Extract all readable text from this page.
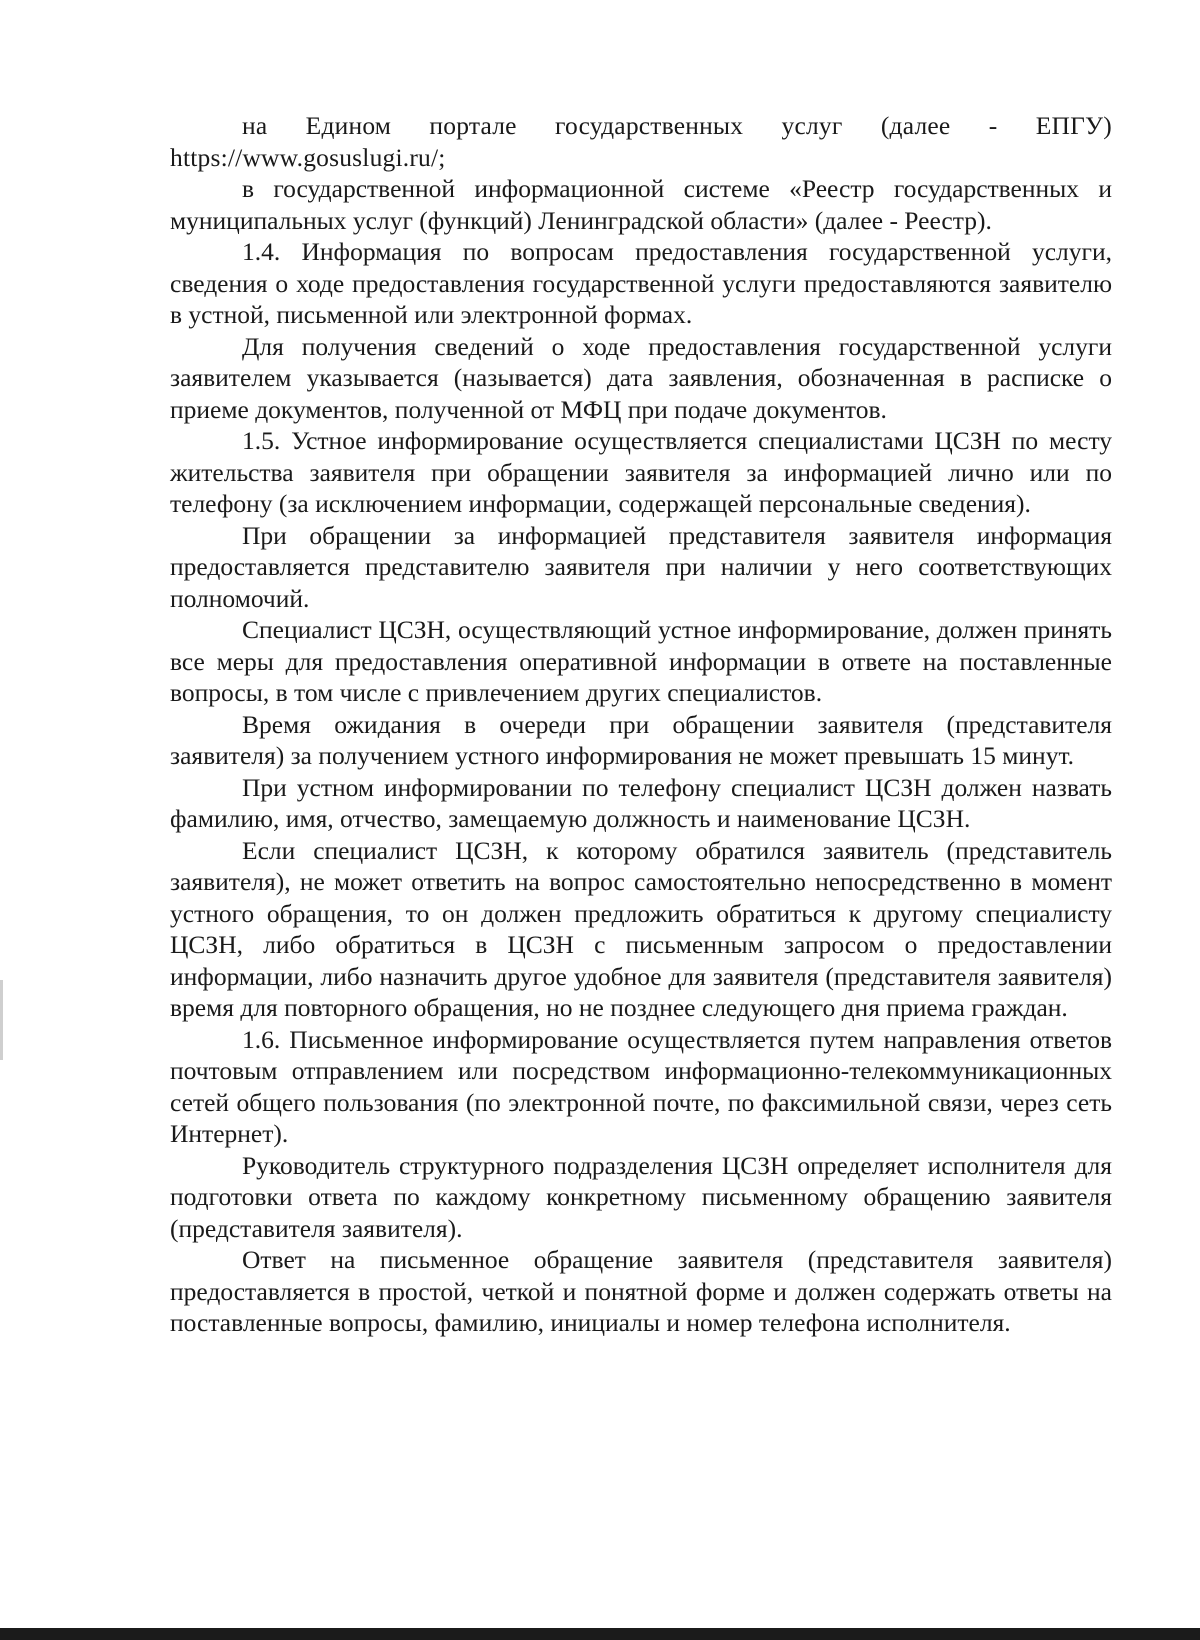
на Едином портале государственных услуг (далее - ЕПГУ) https://www.gosuslugi.ru/;

в государственной информационной системе «Реестр государственных и муниципальных услуг (функций) Ленинградской области» (далее - Реестр).

1.4. Информация по вопросам предоставления государственной услуги, сведения о ходе предоставления государственной услуги предоставляются заявителю в устной, письменной или электронной формах.

Для получения сведений о ходе предоставления государственной услуги заявителем указывается (называется) дата заявления, обозначенная в расписке о приеме документов, полученной от МФЦ при подаче документов.

1.5. Устное информирование осуществляется специалистами ЦСЗН по месту жительства заявителя при обращении заявителя за информацией лично или по телефону (за исключением информации, содержащей персональные сведения).

При обращении за информацией представителя заявителя информация предоставляется представителю заявителя при наличии у него соответствующих полномочий.

Специалист ЦСЗН, осуществляющий устное информирование, должен принять все меры для предоставления оперативной информации в ответе на поставленные вопросы, в том числе с привлечением других специалистов.

Время ожидания в очереди при обращении заявителя (представителя заявителя) за получением устного информирования не может превышать 15 минут.

При устном информировании по телефону специалист ЦСЗН должен назвать фамилию, имя, отчество, замещаемую должность и наименование ЦСЗН.

Если специалист ЦСЗН, к которому обратился заявитель (представитель заявителя), не может ответить на вопрос самостоятельно непосредственно в момент устного обращения, то он должен предложить обратиться к другому специалисту ЦСЗН, либо обратиться в ЦСЗН с письменным запросом о предоставлении информации, либо назначить другое удобное для заявителя (представителя заявителя) время для повторного обращения, но не позднее следующего дня приема граждан.

1.6. Письменное информирование осуществляется путем направления ответов почтовым отправлением или посредством информационно-телекоммуникационных сетей общего пользования (по электронной почте, по факсимильной связи, через сеть Интернет).

Руководитель структурного подразделения ЦСЗН определяет исполнителя для подготовки ответа по каждому конкретному письменному обращению заявителя (представителя заявителя).

Ответ на письменное обращение заявителя (представителя заявителя) предоставляется в простой, четкой и понятной форме и должен содержать ответы на поставленные вопросы, фамилию, инициалы и номер телефона исполнителя.
